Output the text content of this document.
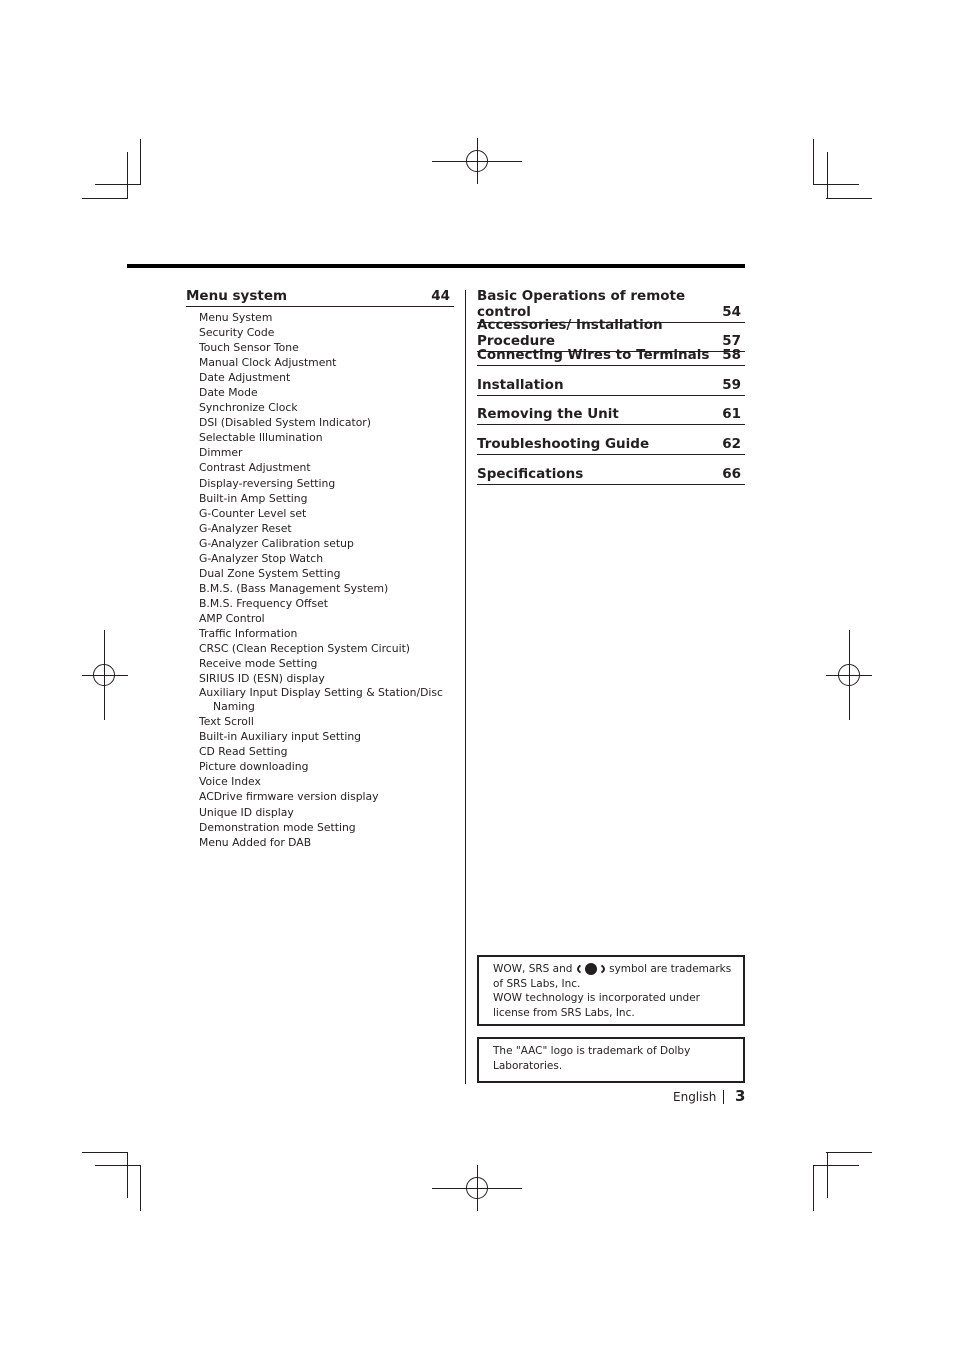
Menu system	44
Menu System
Security Code
Touch Sensor Tone
Manual Clock Adjustment
Date Adjustment
Date Mode
Synchronize Clock
DSI (Disabled System Indicator)
Selectable Illumination
Dimmer
Contrast Adjustment
Display-reversing Setting
Built-in Amp Setting
G-Counter Level set
G-Analyzer Reset
G-Analyzer Calibration setup
G-Analyzer Stop Watch
Dual Zone System Setting
B.M.S. (Bass Management System)
B.M.S. Frequency Offset
AMP Control
Traffic Information
CRSC (Clean Reception System Circuit)
Receive mode Setting
SIRIUS ID (ESN) display
Auxiliary Input Display Setting & Station/Disc
Naming
Text Scroll
Built-in Auxiliary input Setting
CD Read Setting
Picture downloading
Voice Index
ACDrive firmware version display
Unique ID display
Demonstration mode Setting
Menu Added for DAB
Basic Operations of remote control	54
Accessories/ Installation Procedure	57
Connecting Wires to Terminals 58
Installation	59
Removing the Unit	61
Troubleshooting Guide	62
Specifications	66
WOW, SRS and	symbol are trademarks of SRS Labs, Inc.
WOW technology is incorporated under license from SRS Labs, Inc.
The "AAC" logo is trademark of Dolby Laboratories.
English 3
